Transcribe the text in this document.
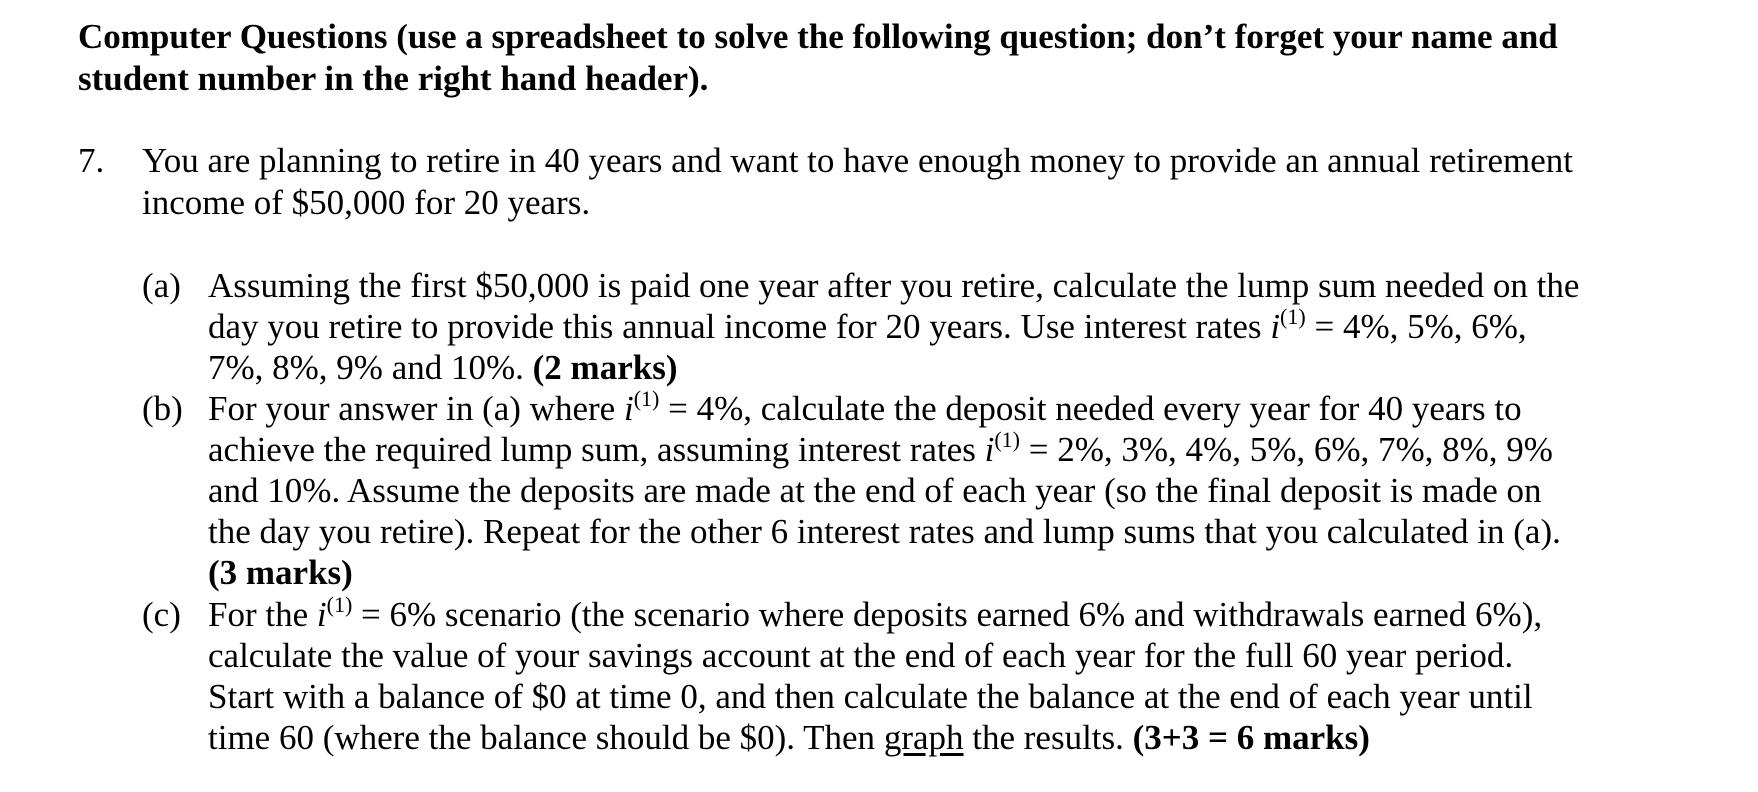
Computer Questions (use a spreadsheet to solve the following question; don’t forget your name and
student number in the right hand header).
7. You are planning to retire in 40 years and want to have enough money to provide an annual retirement
income of $50,000 for 20 years.
(a) Assuming the first $50,000 is paid one year after you retire, calculate the lump sum needed on the
day you retire to provide this annual income for 20 years. Use interest rates $i^{(1)} = 4\%$, 5%, 6%,
7%, 8%, 9% and 10%. (2 marks)
(b) For your answer in (a) where $i^{(1)} = 4\%$, calculate the deposit needed every year for 40 years to
achieve the required lump sum, assuming interest rates $i^{(1)} = 2\%$, 3%, 4%, 5%, 6%, 7%, 8%, 9%
and 10%. Assume the deposits are made at the end of each year (so the final deposit is made on
the day you retire). Repeat for the other 6 interest rates and lump sums that you calculated in (a).
(3 marks)
(c) For the $i^{(1)} = 6\%$ scenario (the scenario where deposits earned 6% and withdrawals earned 6%),
calculate the value of your savings account at the end of each year for the full 60 year period.
Start with a balance of $0 at time 0, and then calculate the balance at the end of each year until
time 60 (where the balance should be $0). Then graph the results. (3+3 = 6 marks)
